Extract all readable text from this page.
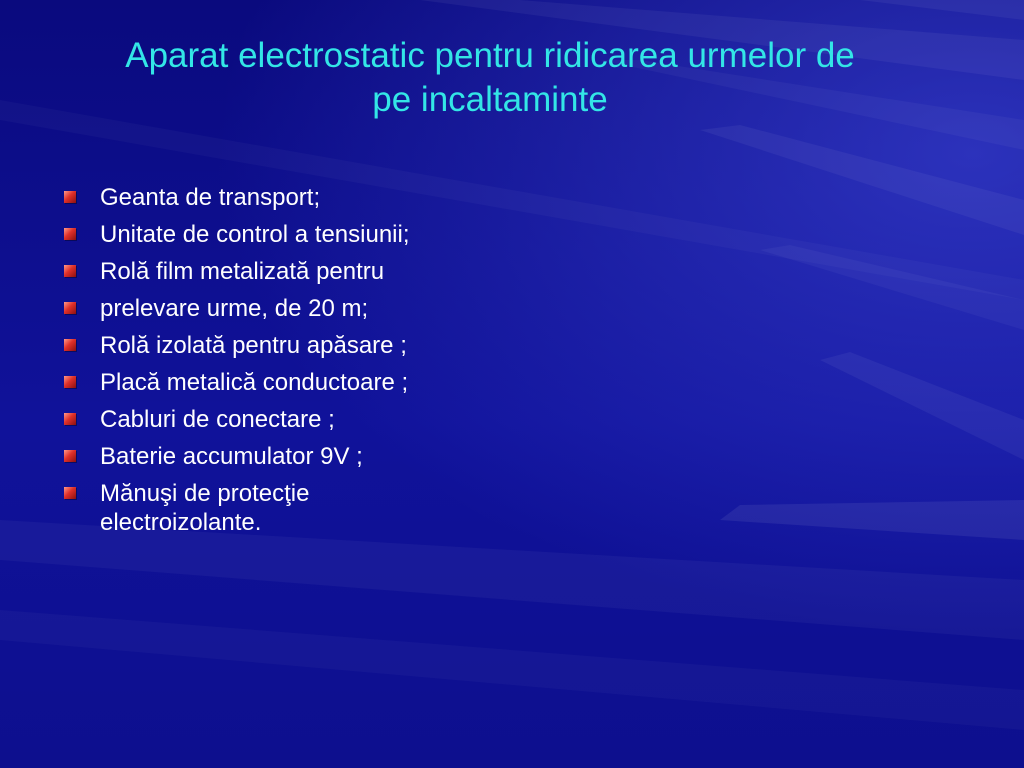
Aparat electrostatic pentru ridicarea urmelor de
pe incaltaminte
Geanta de transport;
Unitate de control a tensiunii;
Rolă film metalizată pentru
prelevare urme, de 20 m;
Rolă izolată pentru apăsare ;
Placă metalică conductoare ;
Cabluri de conectare ;
Baterie accumulator 9V ;
Mănuşi de protecţie electroizolante.
